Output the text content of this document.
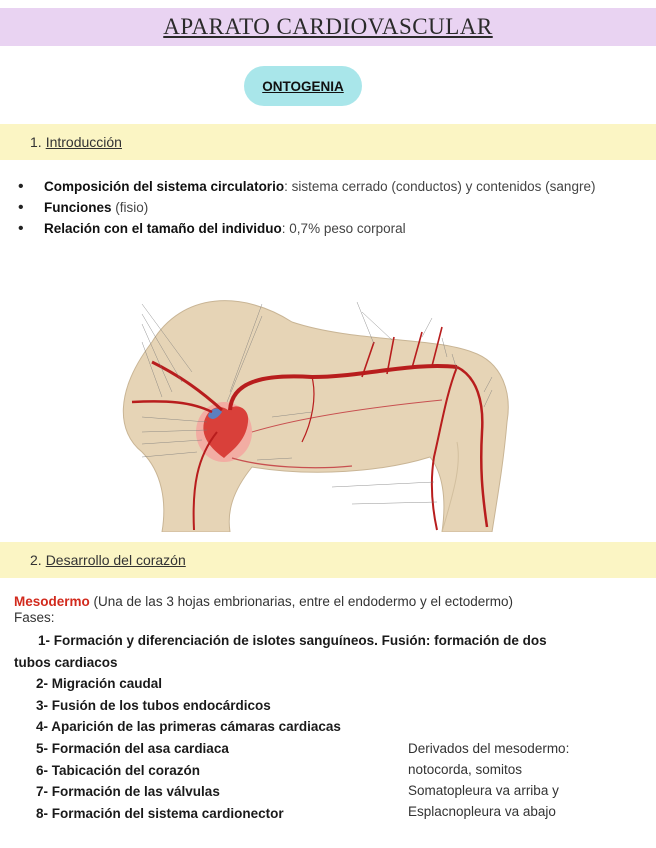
APARATO CARDIOVASCULAR
ONTOGENIA
1. Introducción
• Composición del sistema circulatorio: sistema cerrado (conductos) y contenidos (sangre)
• Funciones (fisio)
• Relación con el tamaño del individuo: 0,7% peso corporal
2. Desarrollo del corazón
Mesodermo (Una de las 3 hojas embrionarias, entre el endodermo y el ectodermo)
Fases:
1- Formación y diferenciación de islotes sanguíneos. Fusión: formación de dos
tubos cardiacos
2- Migración caudal
3- Fusión de los tubos endocárdicos
4- Aparición de las primeras cámaras cardiacas
5- Formación del asa cardiaca
6- Tabicación del corazón
7- Formación de las válvulas
8- Formación del sistema cardionector
Derivados del mesodermo:
notocorda, somitos
Somatopleura va arriba y
Esplacnopleura va abajo
